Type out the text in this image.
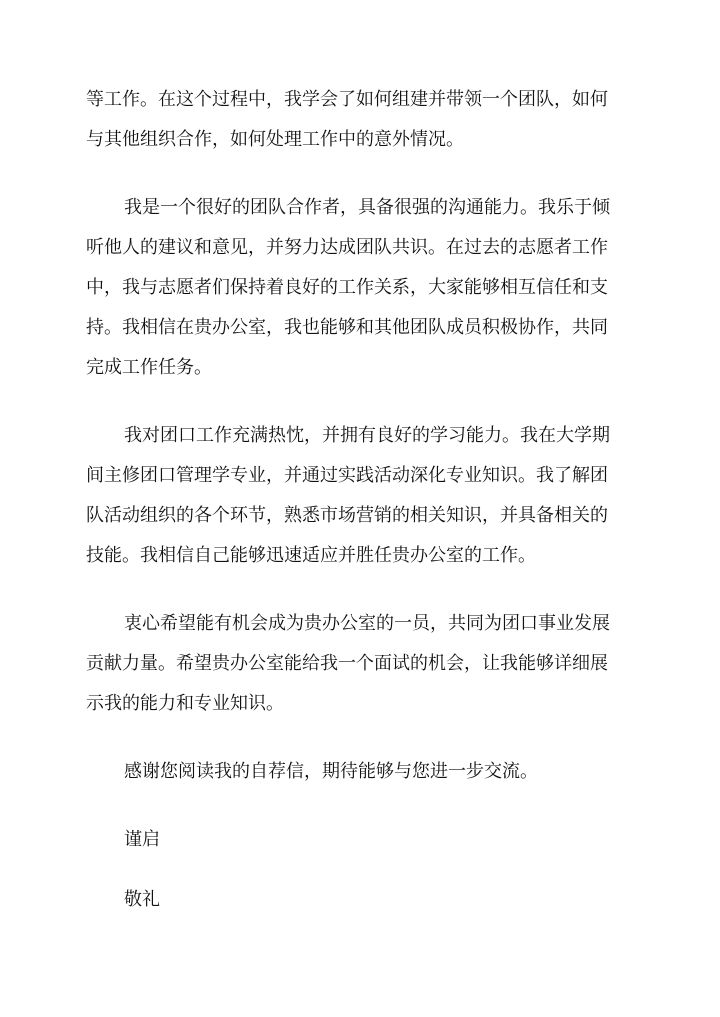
等工作。在这个过程中，我学会了如何组建并带领一个团队，如何

与其他组织合作，如何处理工作中的意外情况。

我是一个很好的团队合作者，具备很强的沟通能力。我乐于倾

听他人的建议和意见，并努力达成团队共识。在过去的志愿者工作

中，我与志愿者们保持着良好的工作关系，大家能够相互信任和支

持。我相信在贵办公室，我也能够和其他团队成员积极协作，共同

完成工作任务。

我对团口工作充满热忱，并拥有良好的学习能力。我在大学期

间主修团口管理学专业，并通过实践活动深化专业知识。我了解团

队活动组织的各个环节，熟悉市场营销的相关知识，并具备相关的

技能。我相信自己能够迅速适应并胜任贵办公室的工作。

衷心希望能有机会成为贵办公室的一员，共同为团口事业发展

贡献力量。希望贵办公室能给我一个面试的机会，让我能够详细展

示我的能力和专业知识。

感谢您阅读我的自荐信，期待能够与您进一步交流。

谨启

敬礼
